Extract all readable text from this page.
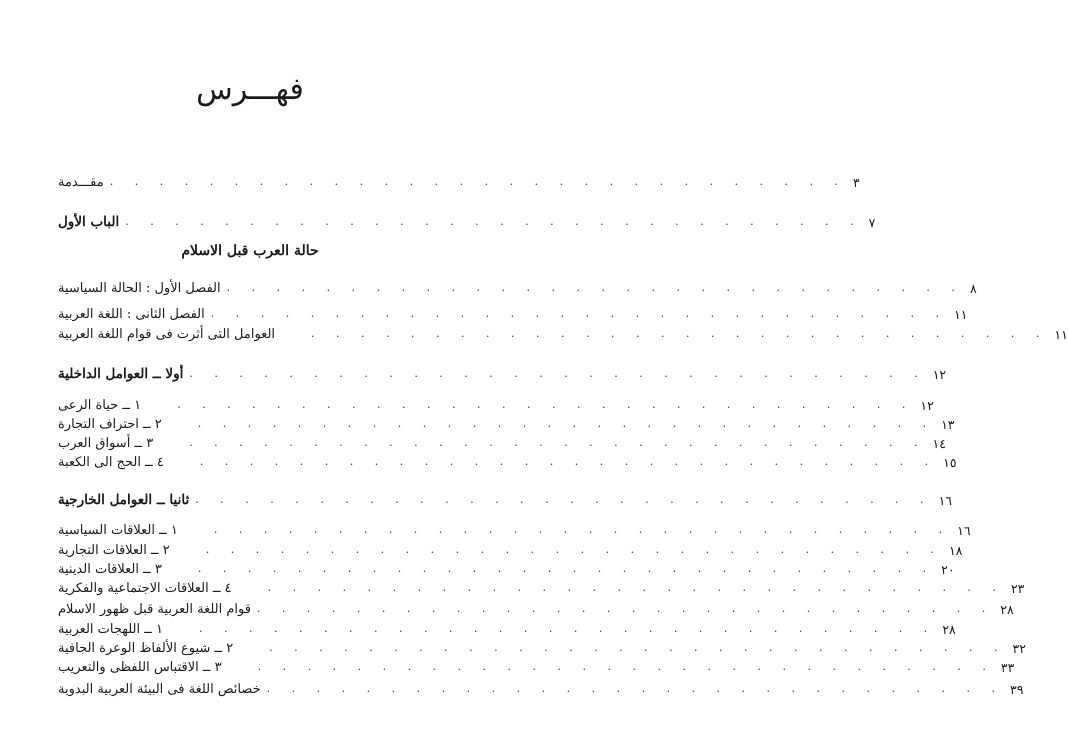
فهـــرس
مقـــدمة . . . . . . . . . . . . . . . . . . . . . . . . . . . . . . ٣
الباب الأول . . . . . . . . . . . . . . . . . . . . . . . . . . . . . . ٧
حالة العرب قبل الاسلام
الفصل الأول : الحالة السياسية . . . . . . . . . . . . . . . . . . . . . . . . . . . . . . ٨
الفصل الثانى : اللغة العربية . . . . . . . . . . . . . . . . . . . . . . . . . . . . . . ١١
العوامل التى أثرت فى قوام اللغة العربية	. . . . . . . . . . . . . . . . . . . . . . . . . . . . . . ١١
أولا ــ العوامل الداخلية . . . . . . . . . . . . . . . . . . . . . . . . . . . . . . ١٢
١ ــ حياة الرعى	. . . . . . . . . . . . . . . . . . . . . . . . . . . . . . ١٢
٢ ــ احتراف التجارة	. . . . . . . . . . . . . . . . . . . . . . . . . . . . . . ١٣
٣ ــ أسواق العرب	. . . . . . . . . . . . . . . . . . . . . . . . . . . . . . ١٤
٤ ــ الحج الى الكعبة	. . . . . . . . . . . . . . . . . . . . . . . . . . . . . . ١٥
ثانيا ــ العوامل الخارجية . . . . . . . . . . . . . . . . . . . . . . . . . . . . . . ١٦
١ ــ العلاقات السياسية	. . . . . . . . . . . . . . . . . . . . . . . . . . . . . . ١٦
٢ ــ العلاقات التجارية	. . . . . . . . . . . . . . . . . . . . . . . . . . . . . . ١٨
٣ ــ العلاقات الدينية	. . . . . . . . . . . . . . . . . . . . . . . . . . . . . . ٢٠
٤ ــ العلاقات الاجتماعية والفكرية	. . . . . . . . . . . . . . . . . . . . . . . . . . . . . . ٢٣
قوام اللغة العربية قبل ظهور الاسلام . . . . . . . . . . . . . . . . . . . . . . . . . . . . . . ٢٨
١ ــ اللهجات العربية	. . . . . . . . . . . . . . . . . . . . . . . . . . . . . . ٢٨
٢ ــ شيوع الألفاظ الوعرة الجافية	. . . . . . . . . . . . . . . . . . . . . . . . . . . . . . ٣٢
٣ ــ الاقتباس اللفظى والتعريب	. . . . . . . . . . . . . . . . . . . . . . . . . . . . . . ٣٣
خصائص اللغة فى البيئة العربية البدوية . . . . . . . . . . . . . . . . . . . . . . . . . . . . . . ٣٩
